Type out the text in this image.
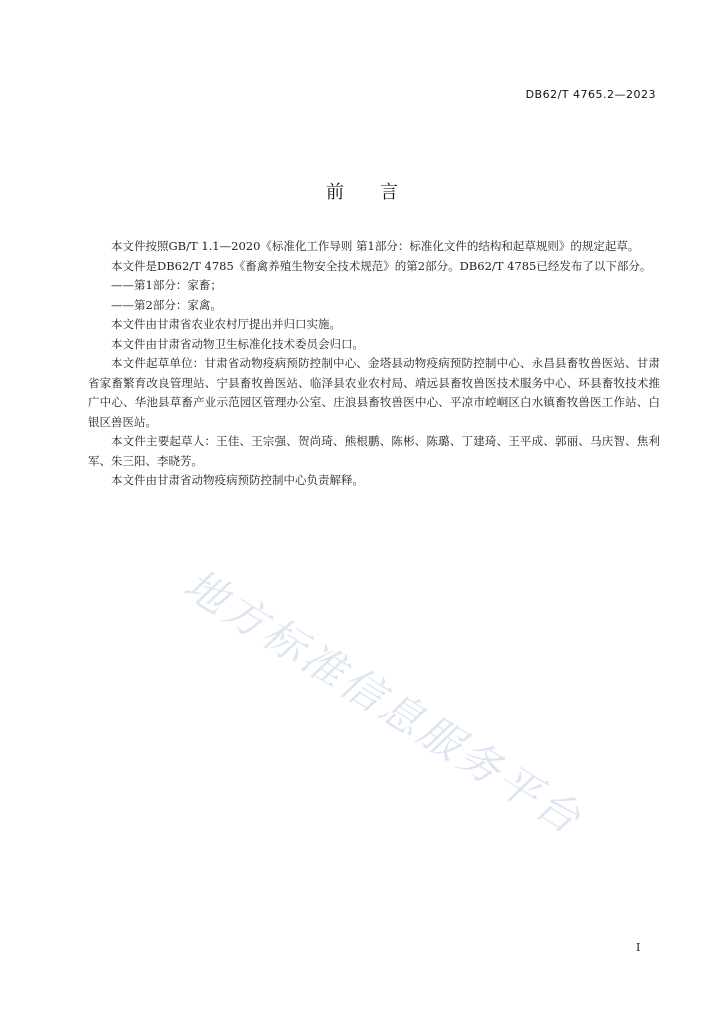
DB62/T 4765.2—2023
前言

本文件按照GB/T 1.1—2020《标准化工作导则 第1部分：标准化文件的结构和起草规则》的规定起草。

本文件是DB62/T 4785《畜禽养殖生物安全技术规范》的第2部分。DB62/T 4785已经发布了以下部分。

——第1部分：家畜；

——第2部分：家禽。

本文件由甘肃省农业农村厅提出并归口实施。

本文件由甘肃省动物卫生标准化技术委员会归口。

本文件起草单位：甘肃省动物疫病预防控制中心、金塔县动物疫病预防控制中心、永昌县畜牧兽医站、甘肃省家畜繁育改良管理站、宁县畜牧兽医站、临泽县农业农村局、靖远县畜牧兽医技术服务中心、环县畜牧技术推广中心、华池县草畜产业示范园区管理办公室、庄浪县畜牧兽医中心、平凉市崆峒区白水镇畜牧兽医工作站、白银区兽医站。

本文件主要起草人：王佳、王宗强、贺尚琦、熊根鹏、陈彬、陈璐、丁建琦、王平成、郭丽、马庆智、焦利军、朱三阳、李晓芳。

本文件由甘肃省动物疫病预防控制中心负责解释。

地方标准信息服务平台
I
